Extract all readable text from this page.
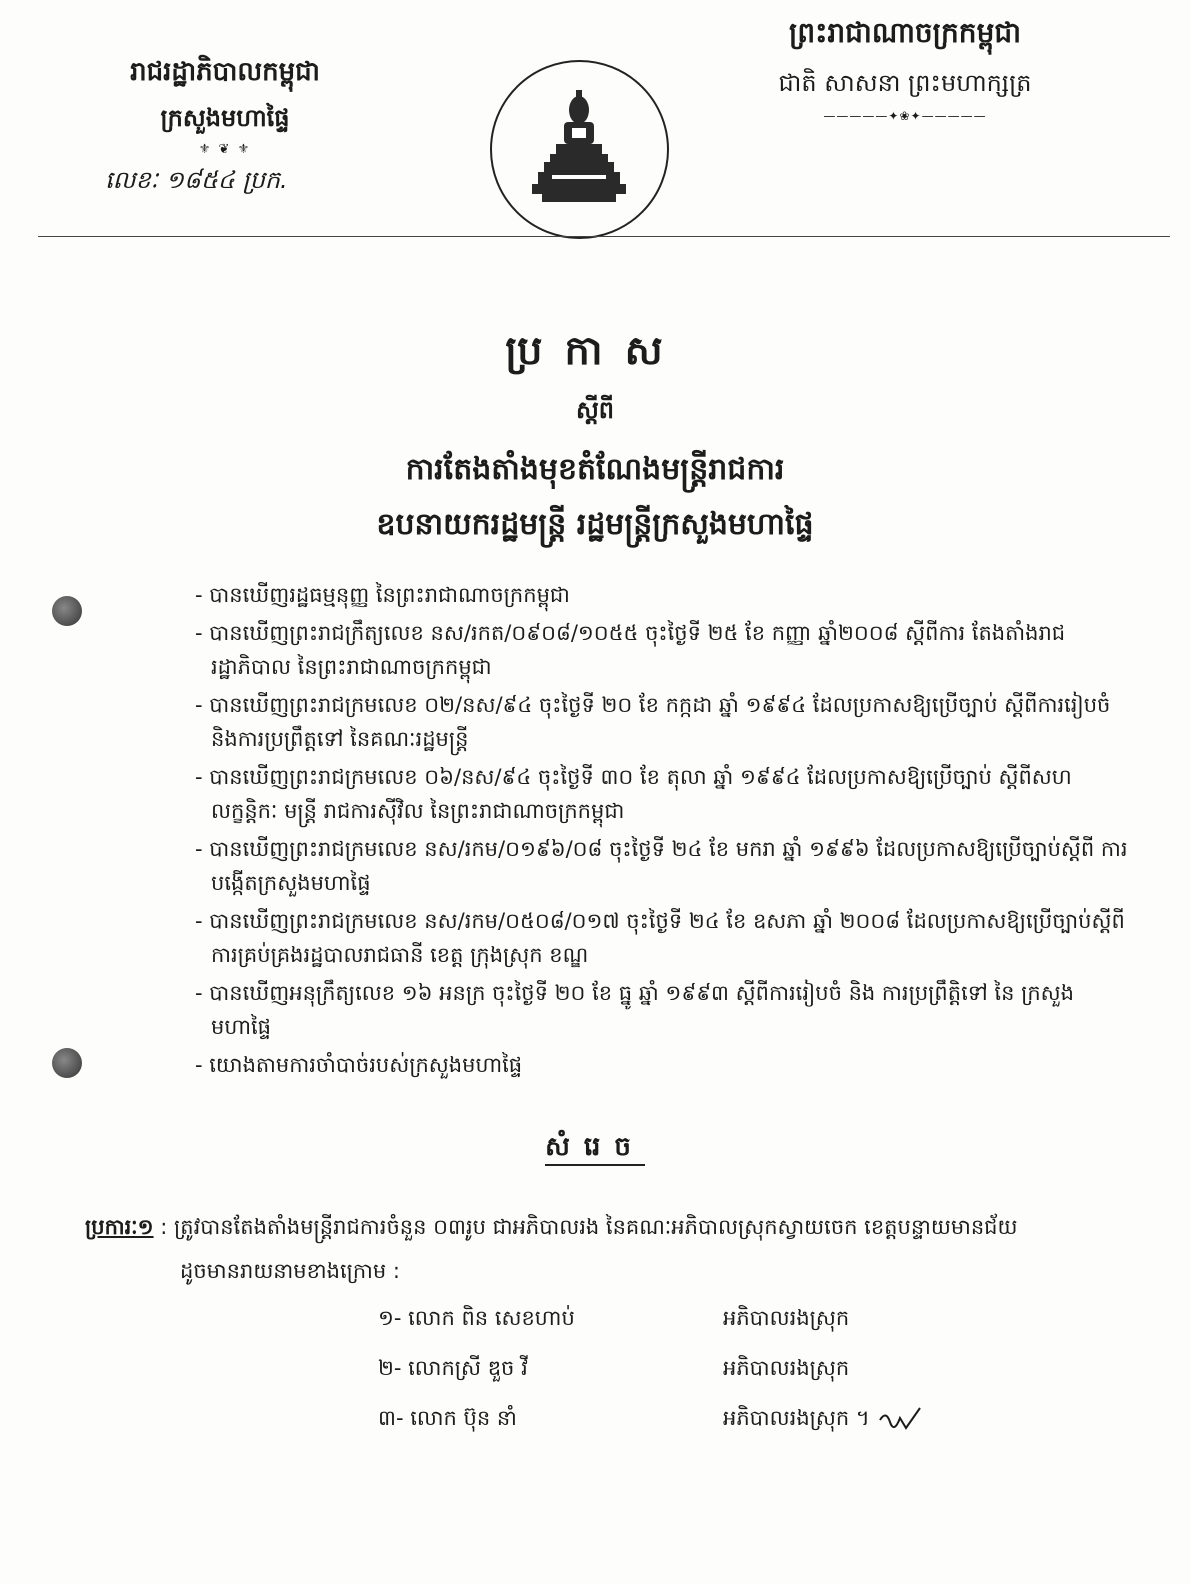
រាជរដ្ឋាភិបាលកម្ពុជា
ក្រសួងមហាផ្ទៃ
⚜ ❦ ⚜
លេខៈ ១៨៥៤ ប្រក.
ព្រះរាជាណាចក្រកម្ពុជា
ជាតិ សាសនា ព្រះមហាក្សត្រ
—————✦❀✦—————
ប្រកាស
ស្តីពី
ការតែងតាំងមុខតំណែងមន្ត្រីរាជការ
ឧបនាយករដ្ឋមន្ត្រី រដ្ឋមន្ត្រីក្រសួងមហាផ្ទៃ
- បានឃើញរដ្ឋធម្មនុញ្ញ នៃព្រះរាជាណាចក្រកម្ពុជា
- បានឃើញព្រះរាជក្រឹត្យលេខ នស/រកត/០៩០៨/១០៥៥ ចុះថ្ងៃទី ២៥ ខែ កញ្ញា ឆ្នាំ២០០៨ ស្តីពីការ តែងតាំងរាជរដ្ឋាភិបាល នៃព្រះរាជាណាចក្រកម្ពុជា
- បានឃើញព្រះរាជក្រមលេខ ០២/នស/៩៤ ចុះថ្ងៃទី ២០ ខែ កក្កដា ឆ្នាំ ១៩៩៤ ដែលប្រកាសឱ្យប្រើច្បាប់ ស្តីពីការរៀបចំ និងការប្រព្រឹត្តទៅ នៃគណៈរដ្ឋមន្ត្រី
- បានឃើញព្រះរាជក្រមលេខ ០៦/នស/៩៤ ចុះថ្ងៃទី ៣០ ខែ តុលា ឆ្នាំ ១៩៩៤ ដែលប្រកាសឱ្យប្រើច្បាប់ ស្តីពីសហលក្ខន្តិកៈ មន្ត្រី រាជការស៊ីវិល នៃព្រះរាជាណាចក្រកម្ពុជា
- បានឃើញព្រះរាជក្រមលេខ នស/រកម/០១៩៦/០៨ ចុះថ្ងៃទី ២៤ ខែ មករា ឆ្នាំ ១៩៩៦ ដែលប្រកាសឱ្យប្រើច្បាប់ស្តីពី ការបង្កើតក្រសួងមហាផ្ទៃ
- បានឃើញព្រះរាជក្រមលេខ នស/រកម/០៥០៨/០១៧ ចុះថ្ងៃទី ២៤ ខែ ឧសភា ឆ្នាំ ២០០៨ ដែលប្រកាសឱ្យប្រើច្បាប់ស្តីពី ការគ្រប់គ្រងរដ្ឋបាលរាជធានី ខេត្ត ក្រុងស្រុក ខណ្ឌ
- បានឃើញអនុក្រឹត្យលេខ ១៦ អនក្រ ចុះថ្ងៃទី ២០ ខែ ធ្នូ ឆ្នាំ ១៩៩៣ ស្តីពីការរៀបចំ និង ការប្រព្រឹត្តិទៅ នៃ ក្រសួងមហាផ្ទៃ
- យោងតាមការចាំបាច់របស់ក្រសួងមហាផ្ទៃ
សំរេច
ប្រការៈ១ : ត្រូវបានតែងតាំងមន្ត្រីរាជការចំនួន ០៣រូប ជាអភិបាលរង នៃគណៈអភិបាលស្រុកស្វាយចេក ខេត្តបន្ទាយមានជ័យ
ដូចមានរាយនាមខាងក្រោម :
១- លោក ពិន សេខហាប់	អភិបាលរងស្រុក
២- លោកស្រី ឌួច វី	អភិបាលរងស្រុក
៣- លោក ប៊ុន នាំ	អភិបាលរងស្រុក ។
